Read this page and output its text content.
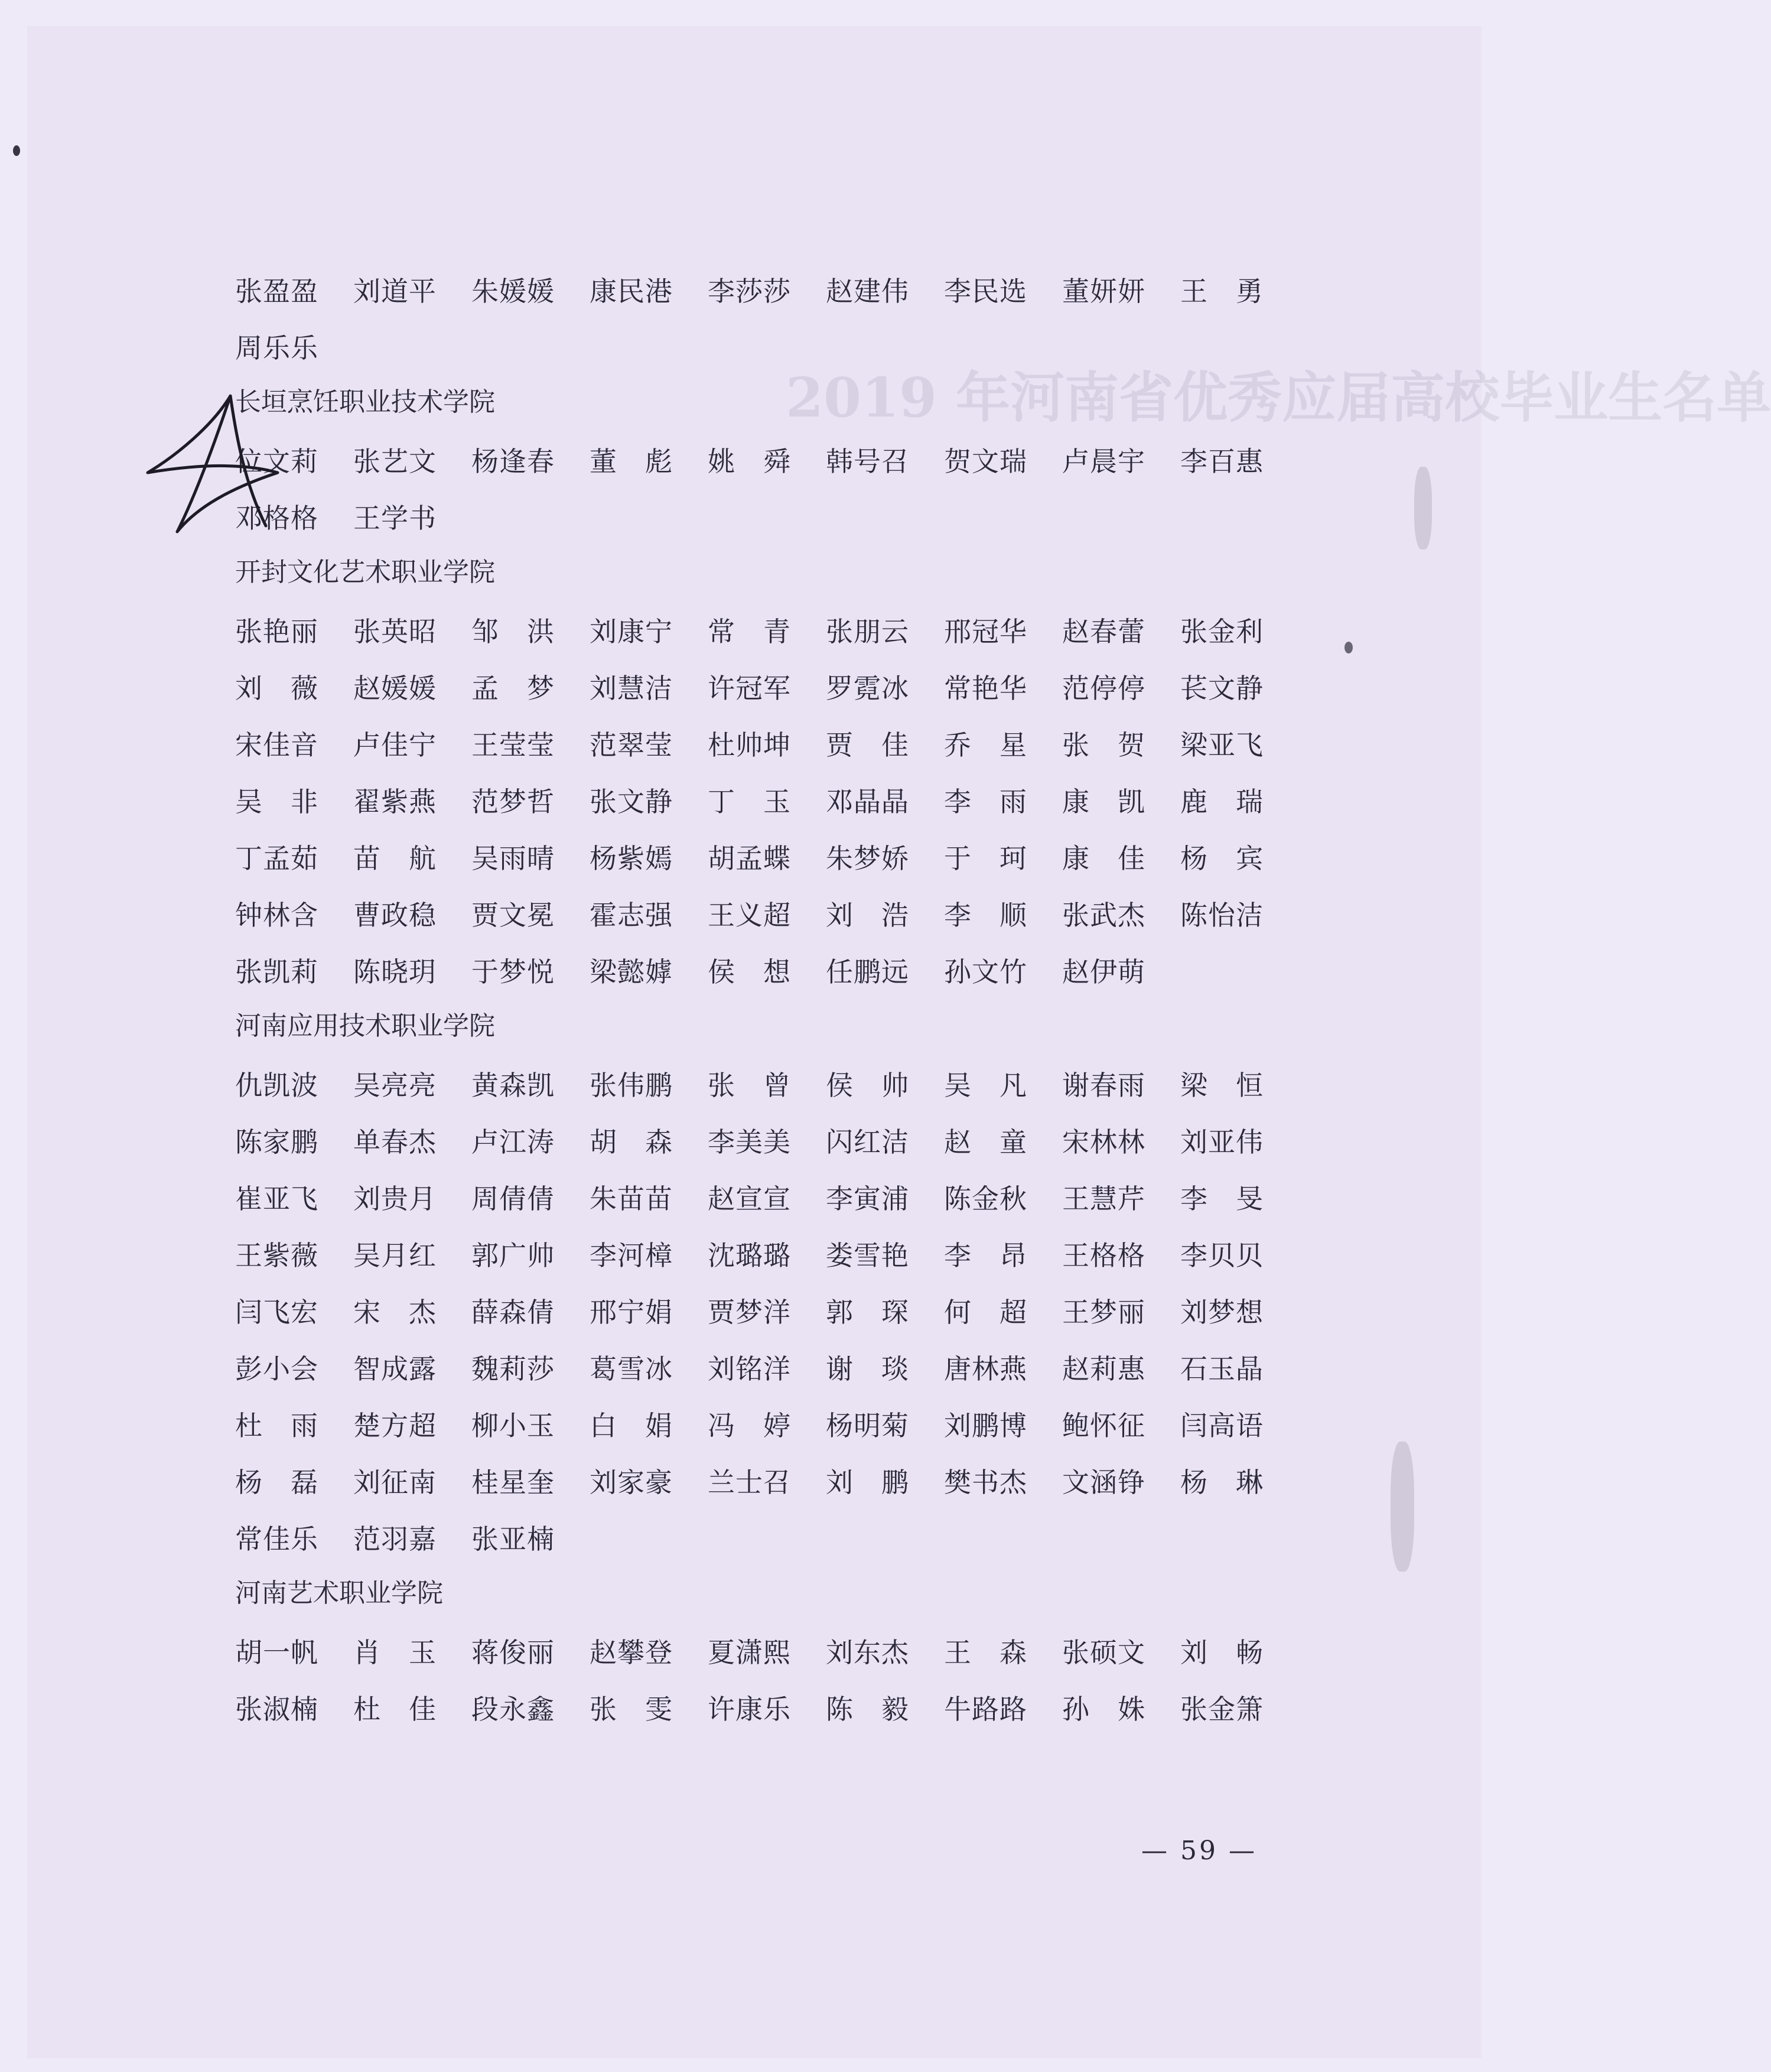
2019 年河南省优秀应届高校毕业生名单
张盈盈 刘道平 朱媛媛 康民港 李莎莎 赵建伟 李民选 董妍妍 王　勇
周乐乐
长垣烹饪职业技术学院
位文莉 张艺文 杨逢春 董　彪 姚　舜 韩号召 贺文瑞 卢晨宇 李百惠
邓格格 王学书
开封文化艺术职业学院
张艳丽 张英昭 邹　洪 刘康宁 常　青 张朋云 邢冠华 赵春蕾 张金利
刘　薇 赵媛媛 孟　梦 刘慧洁 许冠军 罗霓冰 常艳华 范停停 苌文静
宋佳音 卢佳宁 王莹莹 范翠莹 杜帅坤 贾　佳 乔　星 张　贺 梁亚飞
吴　非 翟紫燕 范梦哲 张文静 丁　玉 邓晶晶 李　雨 康　凯 鹿　瑞
丁孟茹 苗　航 吴雨晴 杨紫嫣 胡孟蝶 朱梦娇 于　珂 康　佳 杨　宾
钟林含 曹政稳 贾文冕 霍志强 王义超 刘　浩 李　顺 张武杰 陈怡洁
张凯莉 陈晓玥 于梦悦 梁懿嫭 侯　想 任鹏远 孙文竹 赵伊萌
河南应用技术职业学院
仇凯波 吴亮亮 黄森凯 张伟鹏 张　曾 侯　帅 吴　凡 谢春雨 梁　恒
陈家鹏 单春杰 卢江涛 胡　森 李美美 闪红洁 赵　童 宋林林 刘亚伟
崔亚飞 刘贵月 周倩倩 朱苗苗 赵宣宣 李寅浦 陈金秋 王慧芹 李　旻
王紫薇 吴月红 郭广帅 李河樟 沈璐璐 娄雪艳 李　昂 王格格 李贝贝
闫飞宏 宋　杰 薛森倩 邢宁娟 贾梦洋 郭　琛 何　超 王梦丽 刘梦想
彭小会 智成露 魏莉莎 葛雪冰 刘铭洋 谢　琰 唐林燕 赵莉惠 石玉晶
杜　雨 楚方超 柳小玉 白　娟 冯　婷 杨明菊 刘鹏博 鲍怀征 闫高语
杨　磊 刘征南 桂星奎 刘家豪 兰士召 刘　鹏 樊书杰 文涵铮 杨　琳
常佳乐 范羽嘉 张亚楠
河南艺术职业学院
胡一帆 肖　玉 蒋俊丽 赵攀登 夏潇熙 刘东杰 王　森 张硕文 刘　畅
张淑楠 杜　佳 段永鑫 张　雯 许康乐 陈　毅 牛路路 孙　姝 张金箫
— 59 —
